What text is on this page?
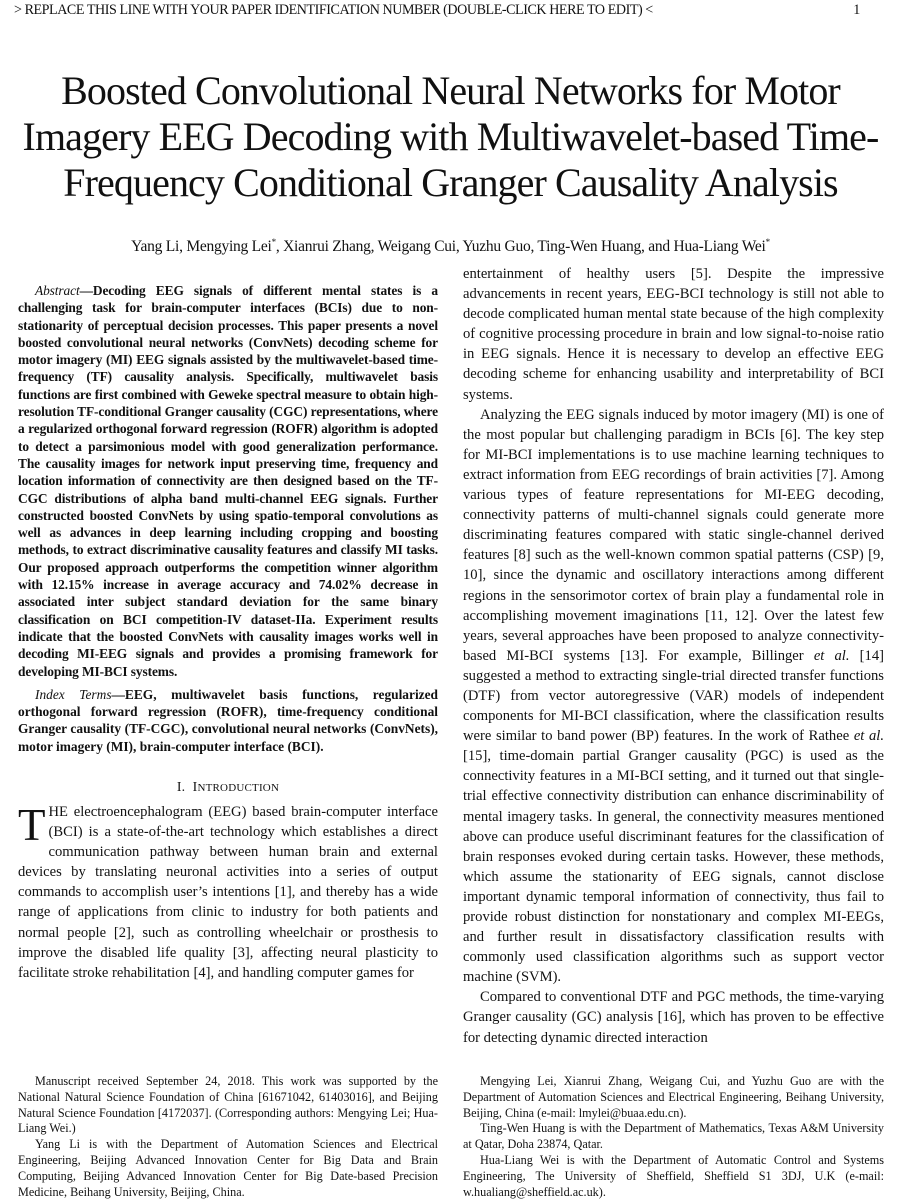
> REPLACE THIS LINE WITH YOUR PAPER IDENTIFICATION NUMBER (DOUBLE-CLICK HERE TO EDIT) <	1
Boosted Convolutional Neural Networks for Motor
Imagery EEG Decoding with Multiwavelet-based Time-
Frequency Conditional Granger Causality Analysis
Yang Li, Mengying Lei*, Xianrui Zhang, Weigang Cui, Yuzhu Guo, Ting-Wen Huang, and Hua-Liang Wei*

Abstract—Decoding EEG signals of different mental states is a challenging task for brain-computer interfaces (BCIs) due to non-stationarity of perceptual decision processes. This paper presents a novel boosted convolutional neural networks (ConvNets) decoding scheme for motor imagery (MI) EEG signals assisted by the multiwavelet-based time-frequency (TF) causality analysis. Specifically, multiwavelet basis functions are first combined with Geweke spectral measure to obtain high-resolution TF-conditional Granger causality (CGC) representations, where a regularized orthogonal forward regression (ROFR) algorithm is adopted to detect a parsimonious model with good generalization performance. The causality images for network input preserving time, frequency and location information of connectivity are then designed based on the TF-CGC distributions of alpha band multi-channel EEG signals. Further constructed boosted ConvNets by using spatio-temporal convolutions as well as advances in deep learning including cropping and boosting methods, to extract discriminative causality features and classify MI tasks. Our proposed approach outperforms the competition winner algorithm with 12.15% increase in average accuracy and 74.02% decrease in associated inter subject standard deviation for the same binary classification on BCI competition-IV dataset-IIa. Experiment results indicate that the boosted ConvNets with causality images works well in decoding MI-EEG signals and provides a promising framework for developing MI-BCI systems.

Index Terms—EEG, multiwavelet basis functions, regularized orthogonal forward regression (ROFR), time-frequency conditional Granger causality (TF-CGC), convolutional neural networks (ConvNets), motor imagery (MI), brain-computer interface (BCI).

I. INTRODUCTION

THE electroencephalogram (EEG) based brain-computer interface (BCI) is a state-of-the-art technology which establishes a direct communication pathway between human brain and external devices by translating neuronal activities into a series of output commands to accomplish user’s intentions [1], and thereby has a wide range of applications from clinic to industry for both patients and normal people [2], such as controlling wheelchair or prosthesis to improve the disabled life quality [3], affecting neural plasticity to facilitate stroke rehabilitation [4], and handling computer games for

entertainment of healthy users [5]. Despite the impressive advancements in recent years, EEG-BCI technology is still not able to decode complicated human mental state because of the high complexity of cognitive processing procedure in brain and low signal-to-noise ratio in EEG signals. Hence it is necessary to develop an effective EEG decoding scheme for enhancing usability and interpretability of BCI systems.

Analyzing the EEG signals induced by motor imagery (MI) is one of the most popular but challenging paradigm in BCIs [6]. The key step for MI-BCI implementations is to use machine learning techniques to extract information from EEG recordings of brain activities [7]. Among various types of feature representations for MI-EEG decoding, connectivity patterns of multi-channel signals could generate more discriminating features compared with static single-channel derived features [8] such as the well-known common spatial patterns (CSP) [9, 10], since the dynamic and oscillatory interactions among different regions in the sensorimotor cortex of brain play a fundamental role in accomplishing movement imaginations [11, 12]. Over the latest few years, several approaches have been proposed to analyze connectivity-based MI-BCI systems [13]. For example, Billinger et al. [14] suggested a method to extracting single-trial directed transfer functions (DTF) from vector autoregressive (VAR) models of independent components for MI-BCI classification, where the classification results were similar to band power (BP) features. In the work of Rathee et al. [15], time-domain partial Granger causality (PGC) is used as the connectivity features in a MI-BCI setting, and it turned out that single-trial effective connectivity distribution can enhance discriminability of mental imagery tasks. In general, the connectivity measures mentioned above can produce useful discriminant features for the classification of brain responses evoked during certain tasks. However, these methods, which assume the stationarity of EEG signals, cannot disclose important dynamic temporal information of connectivity, thus fail to provide robust distinction for nonstationary and complex MI-EEGs, and further result in dissatisfactory classification results with commonly used classification algorithms such as support vector machine (SVM).

Compared to conventional DTF and PGC methods, the time-varying Granger causality (GC) analysis [16], which has proven to be effective for detecting dynamic directed interaction

Manuscript received September 24, 2018. This work was supported by the National Natural Science Foundation of China [61671042, 61403016], and Beijing Natural Science Foundation [4172037]. (Corresponding authors: Mengying Lei; Hua-Liang Wei.)

Yang Li is with the Department of Automation Sciences and Electrical Engineering, Beijing Advanced Innovation Center for Big Data and Brain Computing, Beijing Advanced Innovation Center for Big Date-based Precision Medicine, Beihang University, Beijing, China.

Mengying Lei, Xianrui Zhang, Weigang Cui, and Yuzhu Guo are with the Department of Automation Sciences and Electrical Engineering, Beihang University, Beijing, China (e-mail: lmylei@buaa.edu.cn).

Ting-Wen Huang is with the Department of Mathematics, Texas A&M University at Qatar, Doha 23874, Qatar.

Hua-Liang Wei is with the Department of Automatic Control and Systems Engineering, The University of Sheffield, Sheffield S1 3DJ, U.K (e-mail: w.hualiang@sheffield.ac.uk).
